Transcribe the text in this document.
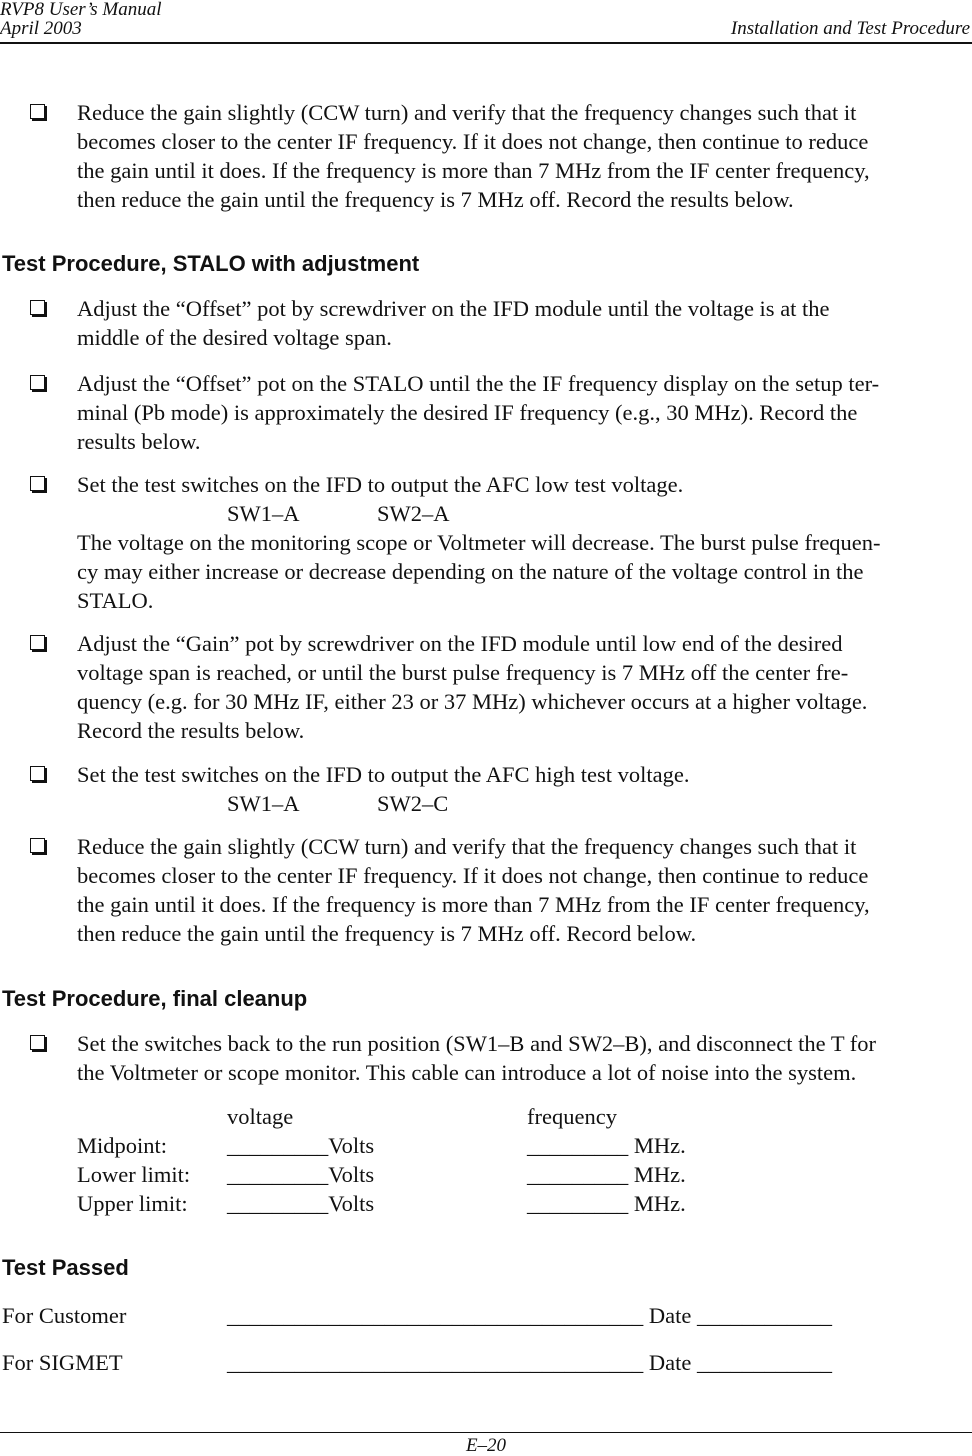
RVP8 User’s Manual
April 2003	Installation and Test Procedure
Reduce the gain slightly (CCW turn) and verify that the frequency changes such that it
becomes closer to the center IF frequency. If it does not change, then continue to reduce
the gain until it does. If the frequency is more than 7 MHz from the IF center frequency,
then reduce the gain until the frequency is 7 MHz off. Record the results below.
Test Procedure, STALO with adjustment
Adjust the “Offset” pot by screwdriver on the IFD module until the voltage is at the
middle of the desired voltage span.
Adjust the “Offset” pot on the STALO until the the IF frequency display on the setup ter-
minal (Pb mode) is approximately the desired IF frequency (e.g., 30 MHz). Record the
results below.
Set the test switches on the IFD to output the AFC low test voltage.
SW1–A	SW2–A
The voltage on the monitoring scope or Voltmeter will decrease. The burst pulse frequen-
cy may either increase or decrease depending on the nature of the voltage control in the
STALO.
Adjust the “Gain” pot by screwdriver on the IFD module until low end of the desired
voltage span is reached, or until the burst pulse frequency is 7 MHz off the center fre-
quency (e.g. for 30 MHz IF, either 23 or 37 MHz) whichever occurs at a higher voltage.
Record the results below.
Set the test switches on the IFD to output the AFC high test voltage.
SW1–A	SW2–C
Reduce the gain slightly (CCW turn) and verify that the frequency changes such that it
becomes closer to the center IF frequency. If it does not change, then continue to reduce
the gain until it does. If the frequency is more than 7 MHz from the IF center frequency,
then reduce the gain until the frequency is 7 MHz off. Record below.
Test Procedure, final cleanup
Set the switches back to the run position (SW1–B and SW2–B), and disconnect the T for
the Voltmeter or scope monitor. This cable can introduce a lot of noise into the system.
voltage	frequency
Midpoint:	_________Volts	_________ MHz.
Lower limit: _________Volts	_________ MHz.
Upper limit: _________Volts	_________ MHz.
Test Passed
For Customer	_____________________________________ Date ____________
For SIGMET	_____________________________________ Date ____________
E–20
